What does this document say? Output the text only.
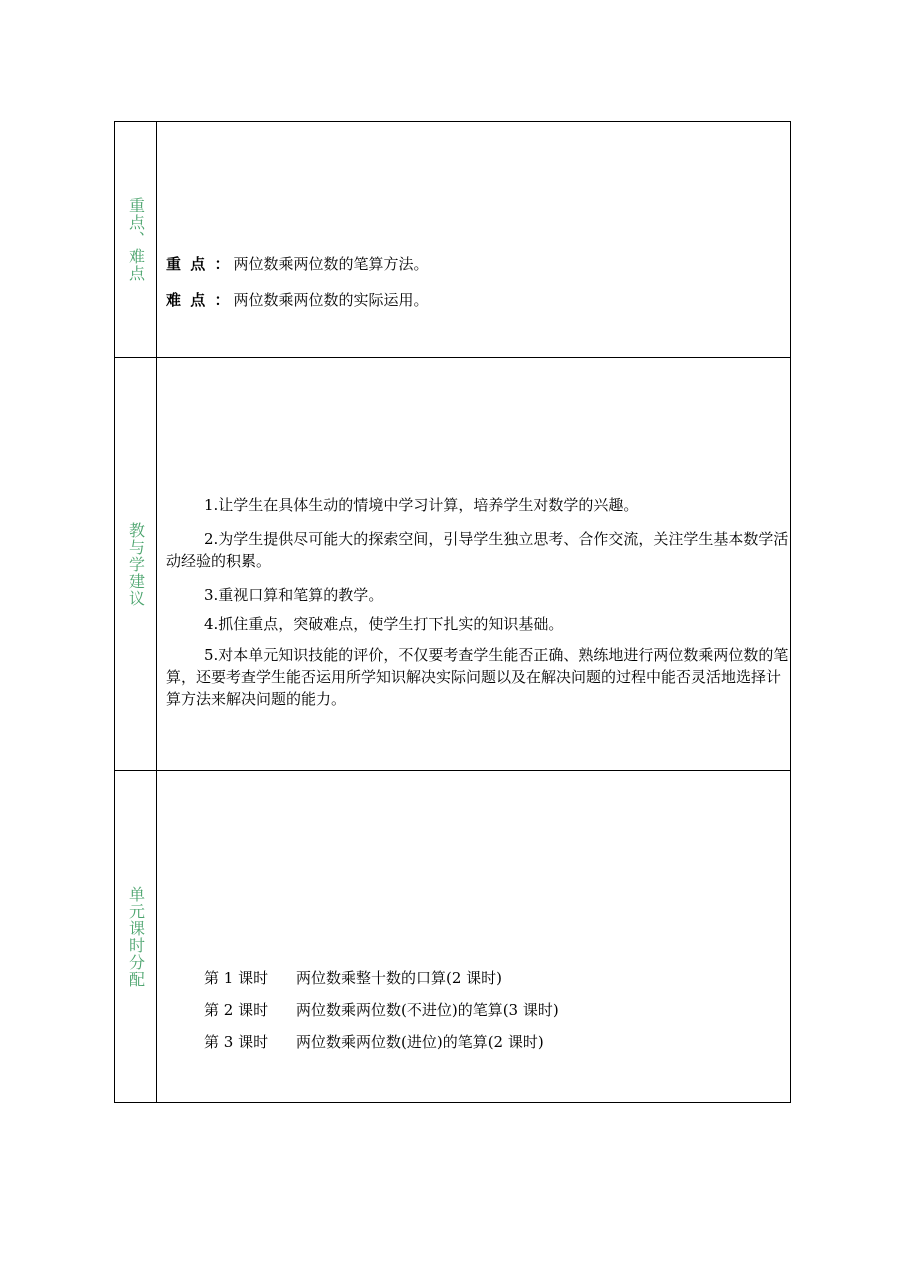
重点、难点 重 点 ： 两位数乘两位数的笔算方法。
难 点 ： 两位数乘两位数的实际运用。
教与学建议
1.让学生在具体生动的情境中学习计算，培养学生对数学的兴趣。
2.为学生提供尽可能大的探索空间，引导学生独立思考、合作交流，关注学生基本数学活动经验的积累。
3.重视口算和笔算的教学。
4.抓住重点，突破难点，使学生打下扎实的知识基础。
5.对本单元知识技能的评价，不仅要考查学生能否正确、熟练地进行两位数乘两位数的笔算，还要考查学生能否运用所学知识解决实际问题以及在解决问题的过程中能否灵活地选择计算方法来解决问题的能力。
单元课时分配	第 1 课时 两位数乘整十数的口算(2 课时)
第 2 课时 两位数乘两位数(不进位)的笔算(3 课时)
第 3 课时 两位数乘两位数(进位)的笔算(2 课时)
